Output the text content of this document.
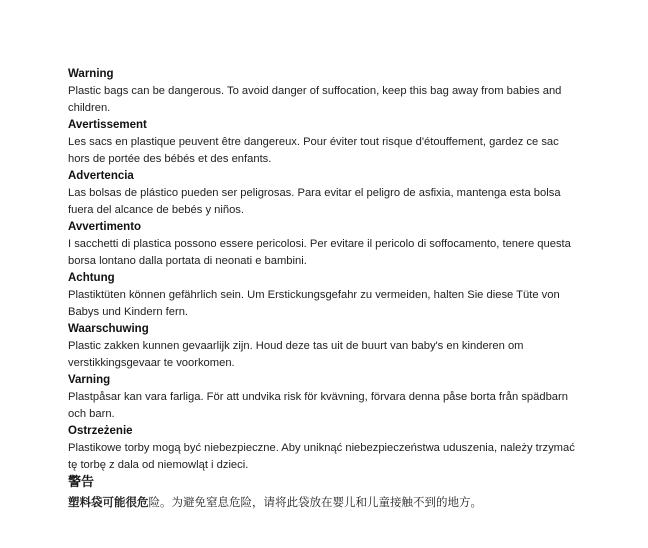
Warning

Plastic bags can be dangerous. To avoid danger of suffocation, keep this bag away from babies and

children.

Avertissement

Les sacs en plastique peuvent être dangereux. Pour éviter tout risque d'étouffement, gardez ce sac

hors de portée des bébés et des enfants.

Advertencia

Las bolsas de plástico pueden ser peligrosas. Para evitar el peligro de asfixia, mantenga esta bolsa

fuera del alcance de bebés y niños.

Avvertimento

I sacchetti di plastica possono essere pericolosi. Per evitare il pericolo di soffocamento, tenere questa

borsa lontano dalla portata di neonati e bambini.

Achtung

Plastiktüten können gefährlich sein. Um Erstickungsgefahr zu vermeiden, halten Sie diese Tüte von

Babys und Kindern fern.

Waarschuwing

Plastic zakken kunnen gevaarlijk zijn. Houd deze tas uit de buurt van baby's en kinderen om

verstikkingsgevaar te voorkomen.

Varning

Plastpåsar kan vara farliga. För att undvika risk för kvävning, förvara denna påse borta från spädbarn

och barn.

Ostrzeżenie

Plastikowe torby mogą być niebezpieczne. Aby uniknąć niebezpieczeństwa uduszenia, należy trzymać

tę torbę z dala od niemowląt i dzieci.

警告

塑料袋可能很危险。为避免窒息危险，请将此袋放在婴儿和儿童接触不到的地方。
